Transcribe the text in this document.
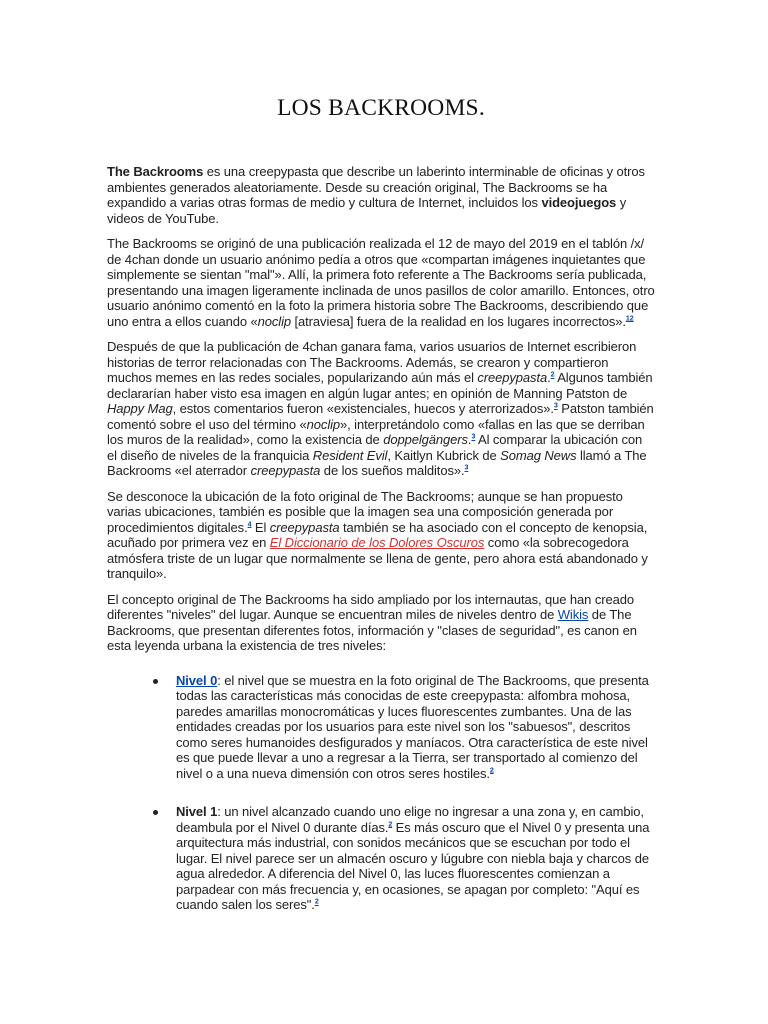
LOS BACKROOMS.

The Backrooms es una creepypasta que describe un laberinto interminable de oficinas y otros ambientes generados aleatoriamente. Desde su creación original, The Backrooms se ha expandido a varias otras formas de medio y cultura de Internet, incluidos los videojuegos y videos de YouTube.

The Backrooms se originó de una publicación realizada el 12 de mayo del 2019 en el tablón /x/ de 4chan donde un usuario anónimo pedía a otros que «compartan imágenes inquietantes que simplemente se sientan "mal"». Allí, la primera foto referente a The Backrooms sería publicada, presentando una imagen ligeramente inclinada de unos pasillos de color amarillo. Entonces, otro usuario anónimo comentó en la foto la primera historia sobre The Backrooms, describiendo que uno entra a ellos cuando «noclip [atraviesa] fuera de la realidad en los lugares incorrectos».$^{12}$

Después de que la publicación de 4chan ganara fama, varios usuarios de Internet escribieron historias de terror relacionadas con The Backrooms. Además, se crearon y compartieron muchos memes en las redes sociales, popularizando aún más el creepypasta.$^2$ Algunos también declararían haber visto esa imagen en algún lugar antes; en opinión de Manning Patston de Happy Mag, estos comentarios fueron «existenciales, huecos y aterrorizados».$^3$ Patston también comentó sobre el uso del término «noclip», interpretándolo como «fallas en las que se derriban los muros de la realidad», como la existencia de doppelgängers.$^3$ Al comparar la ubicación con el diseño de niveles de la franquicia Resident Evil, Kaitlyn Kubrick de Somag News llamó a The Backrooms «el aterrador creepypasta de los sueños malditos».$^3$

Se desconoce la ubicación de la foto original de The Backrooms; aunque se han propuesto varias ubicaciones, también es posible que la imagen sea una composición generada por procedimientos digitales.$^4$ El creepypasta también se ha asociado con el concepto de kenopsia, acuñado por primera vez en El Diccionario de los Dolores Oscuros como «la sobrecogedora atmósfera triste de un lugar que normalmente se llena de gente, pero ahora está abandonado y tranquilo».

El concepto original de The Backrooms ha sido ampliado por los internautas, que han creado diferentes "niveles" del lugar. Aunque se encuentran miles de niveles dentro de Wikis de The Backrooms, que presentan diferentes fotos, información y "clases de seguridad", es canon en esta leyenda urbana la existencia de tres niveles:

Nivel 0: el nivel que se muestra en la foto original de The Backrooms, que presenta todas las características más conocidas de este creepypasta: alfombra mohosa, paredes amarillas monocromáticas y luces fluorescentes zumbantes. Una de las entidades creadas por los usuarios para este nivel son los "sabuesos", descritos como seres humanoides desfigurados y maníacos. Otra característica de este nivel es que puede llevar a uno a regresar a la Tierra, ser transportado al comienzo del nivel o a una nueva dimensión con otros seres hostiles.$^2$
Nivel 1: un nivel alcanzado cuando uno elige no ingresar a una zona y, en cambio, deambula por el Nivel 0 durante días.$^2$ Es más oscuro que el Nivel 0 y presenta una arquitectura más industrial, con sonidos mecánicos que se escuchan por todo el lugar. El nivel parece ser un almacén oscuro y lúgubre con niebla baja y charcos de agua alrededor. A diferencia del Nivel 0, las luces fluorescentes comienzan a parpadear con más frecuencia y, en ocasiones, se apagan por completo: "Aquí es cuando salen los seres".$^2$
